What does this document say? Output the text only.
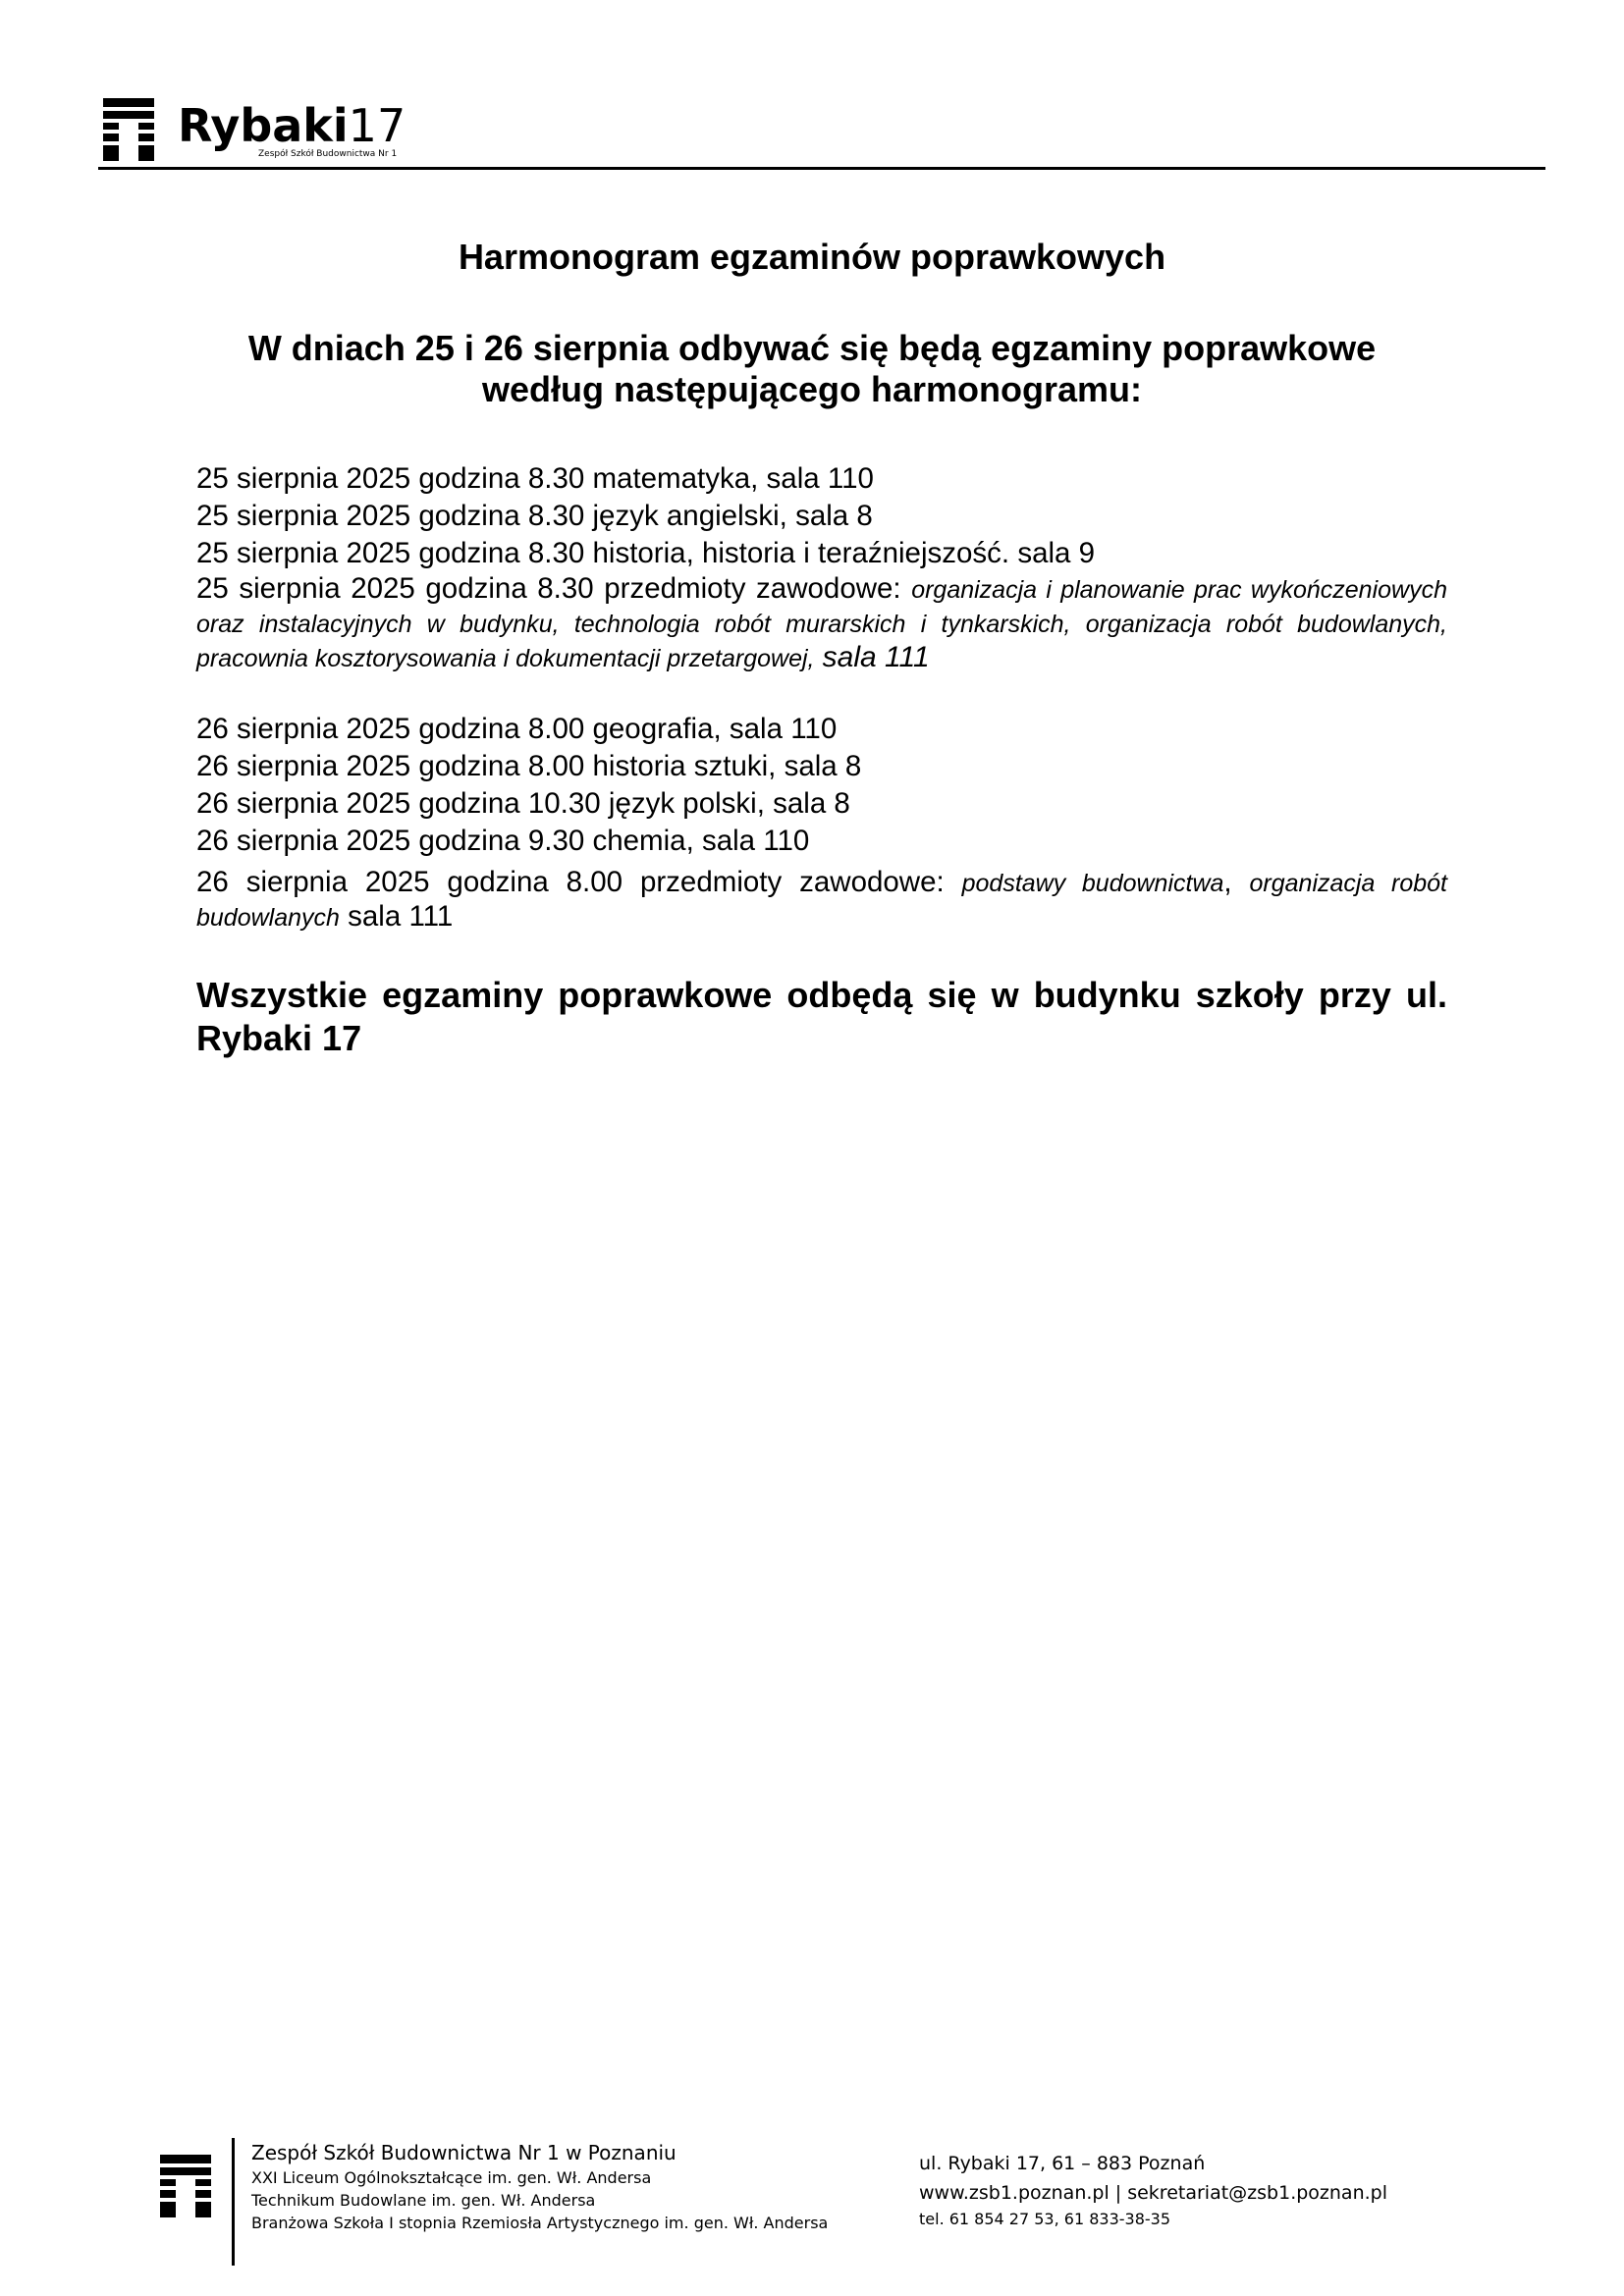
Rybaki17
Zespół Szkół Budownictwa Nr 1
Harmonogram egzaminów poprawkowych
W dniach 25 i 26 sierpnia odbywać się będą egzaminy poprawkowe
według następującego harmonogramu:
25 sierpnia 2025 godzina 8.30 matematyka, sala 110
25 sierpnia 2025 godzina 8.30 język angielski, sala 8
25 sierpnia 2025 godzina 8.30 historia, historia i teraźniejszość. sala 9
25 sierpnia 2025 godzina 8.30 przedmioty zawodowe: organizacja i planowanie prac wykończeniowych oraz instalacyjnych w budynku, technologia robót murarskich i tynkarskich, organizacja robót budowlanych, pracownia kosztorysowania i dokumentacji przetargowej, sala 111
26 sierpnia 2025 godzina 8.00 geografia, sala 110
26 sierpnia 2025 godzina 8.00 historia sztuki, sala 8
26 sierpnia 2025 godzina 10.30 język polski, sala 8
26 sierpnia 2025 godzina 9.30 chemia, sala 110
26 sierpnia 2025 godzina 8.00 przedmioty zawodowe: podstawy budownictwa, organizacja robót budowlanych sala 111
Wszystkie egzaminy poprawkowe odbędą się w budynku szkoły przy ul. Rybaki 17
Zespół Szkół Budownictwa Nr 1 w Poznaniu
XXI Liceum Ogólnokształcące im. gen. Wł. Andersa
Technikum Budowlane im. gen. Wł. Andersa
Branżowa Szkoła I stopnia Rzemiosła Artystycznego im. gen. Wł. Andersa
ul. Rybaki 17, 61 – 883 Poznań
www.zsb1.poznan.pl | sekretariat@zsb1.poznan.pl
tel. 61 854 27 53, 61 833-38-35
